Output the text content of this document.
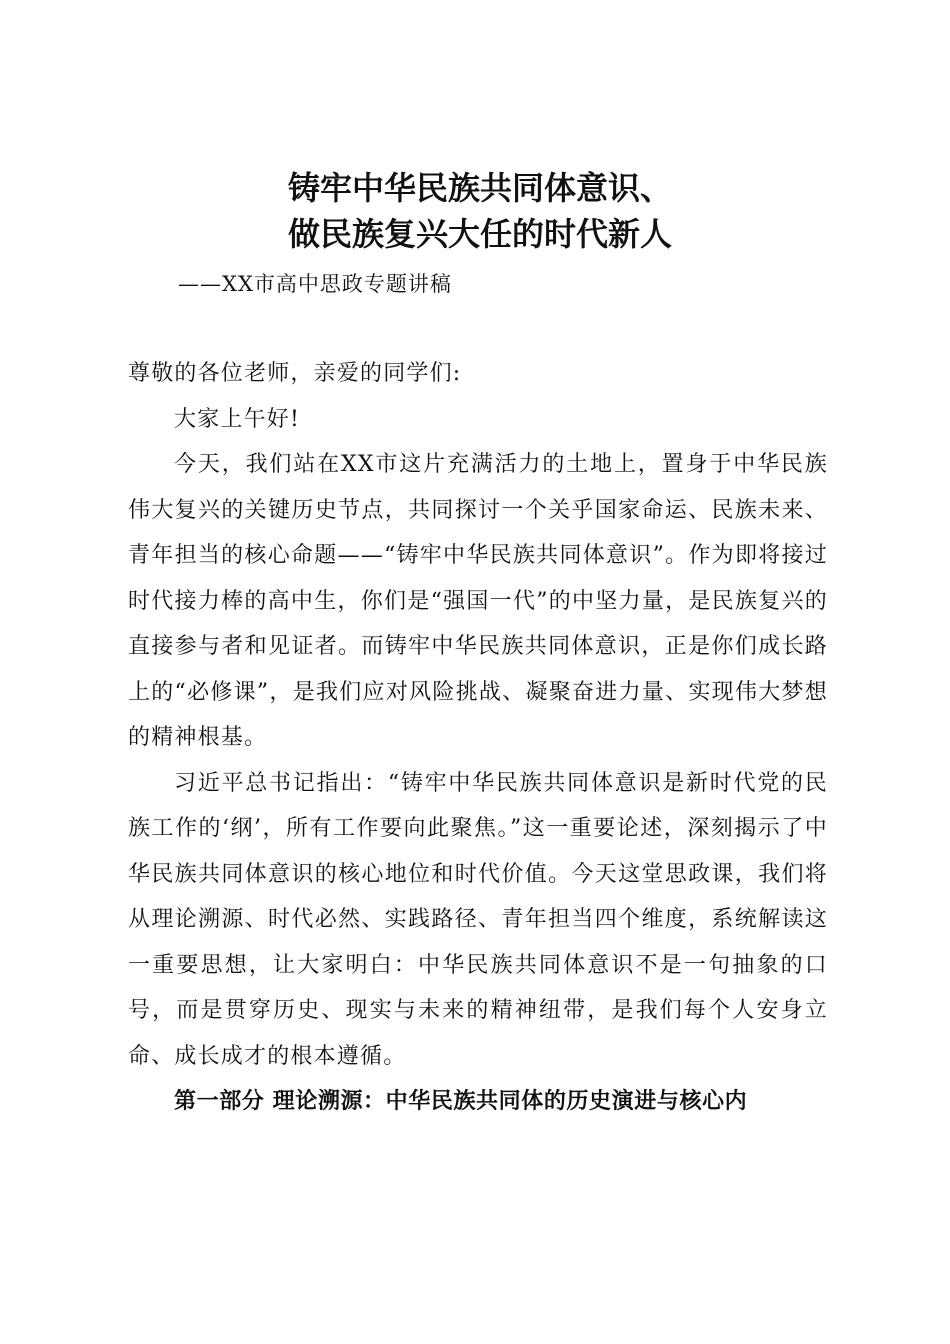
铸牢中华民族共同体意识、
做民族复兴大任的时代新人
——XX市高中思政专题讲稿

尊敬的各位老师，亲爱的同学们:

大家上午好!

今天，我们站在XX市这片充满活力的土地上，置身于中华民族伟大复兴的关键历史节点，共同探讨一个关乎国家命运、民族未来、青年担当的核心命题——“铸牢中华民族共同体意识”。作为即将接过时代接力棒的高中生，你们是“强国一代”的中坚力量，是民族复兴的直接参与者和见证者。而铸牢中华民族共同体意识，正是你们成长路上的“必修课”，是我们应对风险挑战、凝聚奋进力量、实现伟大梦想的精神根基。

习近平总书记指出：“铸牢中华民族共同体意识是新时代党的民族工作的‘纲’，所有工作要向此聚焦。”这一重要论述，深刻揭示了中华民族共同体意识的核心地位和时代价值。今天这堂思政课，我们将从理论溯源、时代必然、实践路径、青年担当四个维度，系统解读这一重要思想，让大家明白：中华民族共同体意识不是一句抽象的口号，而是贯穿历史、现实与未来的精神纽带，是我们每个人安身立命、成长成才的根本遵循。

第一部分 理论溯源：中华民族共同体的历史演进与核心内
